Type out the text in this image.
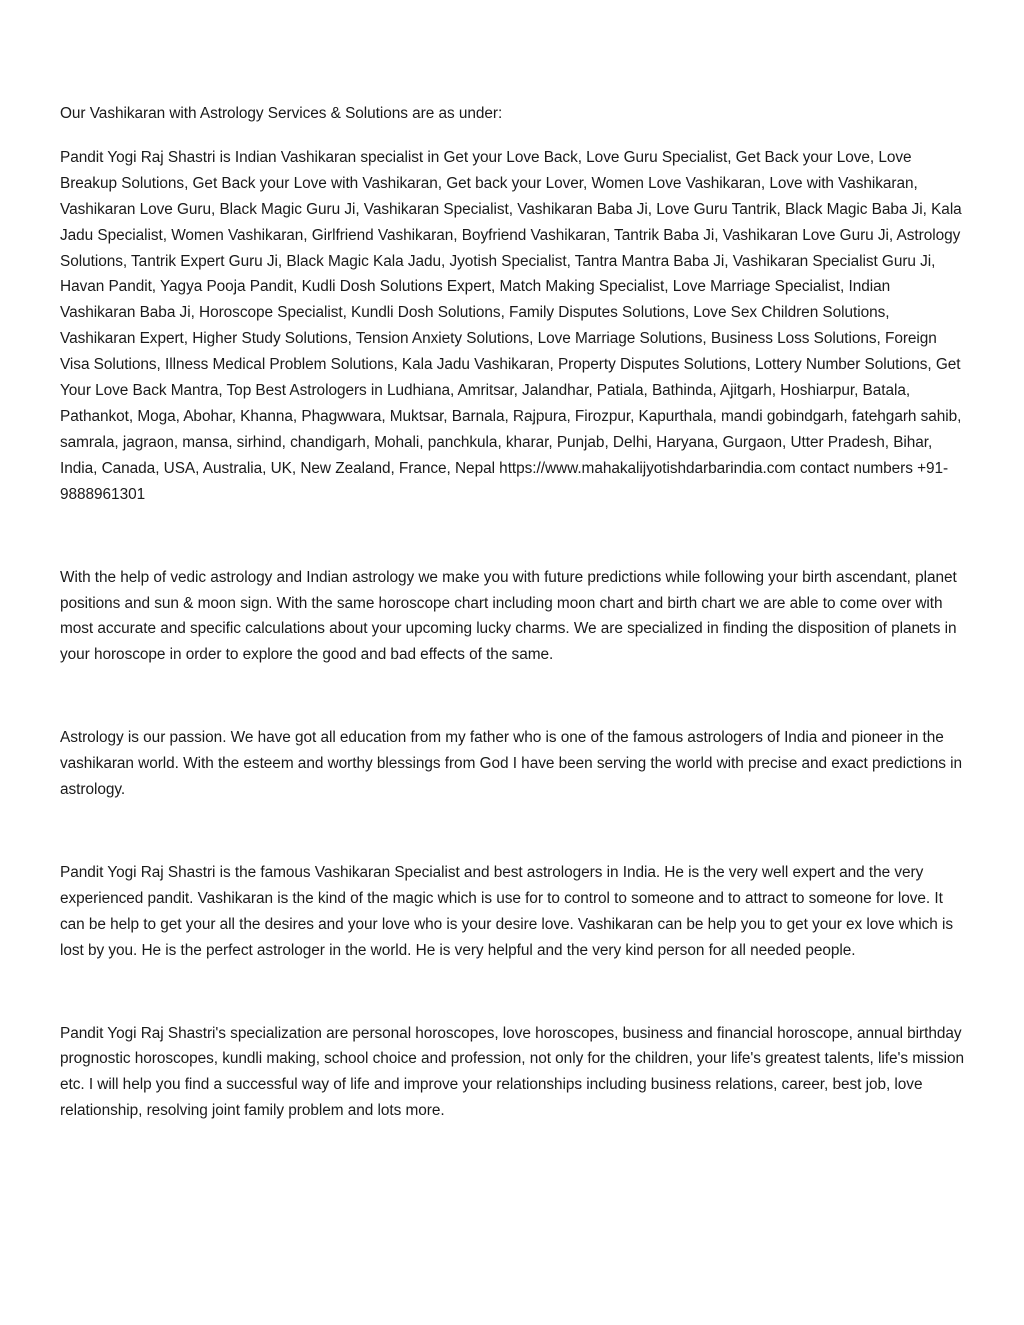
Our Vashikaran with Astrology Services & Solutions are as under:

Pandit Yogi Raj Shastri is Indian Vashikaran specialist in Get your Love Back, Love Guru Specialist, Get Back your Love, Love Breakup Solutions, Get Back your Love with Vashikaran, Get back your Lover, Women Love Vashikaran, Love with Vashikaran, Vashikaran Love Guru, Black Magic Guru Ji, Vashikaran Specialist, Vashikaran Baba Ji, Love Guru Tantrik, Black Magic Baba Ji, Kala Jadu Specialist, Women Vashikaran, Girlfriend Vashikaran, Boyfriend Vashikaran, Tantrik Baba Ji, Vashikaran Love Guru Ji, Astrology Solutions, Tantrik Expert Guru Ji, Black Magic Kala Jadu, Jyotish Specialist, Tantra Mantra Baba Ji, Vashikaran Specialist Guru Ji, Havan Pandit, Yagya Pooja Pandit, Kudli Dosh Solutions Expert, Match Making Specialist, Love Marriage Specialist, Indian Vashikaran Baba Ji, Horoscope Specialist, Kundli Dosh Solutions, Family Disputes Solutions, Love Sex Children Solutions, Vashikaran Expert, Higher Study Solutions, Tension Anxiety Solutions, Love Marriage Solutions, Business Loss Solutions, Foreign Visa Solutions, Illness Medical Problem Solutions, Kala Jadu Vashikaran, Property Disputes Solutions, Lottery Number Solutions, Get Your Love Back Mantra, Top Best Astrologers in Ludhiana, Amritsar, Jalandhar, Patiala, Bathinda, Ajitgarh, Hoshiarpur, Batala, Pathankot, Moga, Abohar, Khanna, Phagwwara, Muktsar, Barnala, Rajpura, Firozpur, Kapurthala, mandi gobindgarh, fatehgarh sahib, samrala, jagraon, mansa, sirhind, chandigarh, Mohali, panchkula, kharar, Punjab, Delhi, Haryana, Gurgaon, Utter Pradesh, Bihar, India, Canada, USA, Australia, UK, New Zealand, France, Nepal https://www.mahakalijyotishdarbarindia.com contact numbers +91-9888961301

With the help of vedic astrology and Indian astrology we make you with future predictions while following your birth ascendant, planet positions and sun & moon sign. With the same horoscope chart including moon chart and birth chart we are able to come over with most accurate and specific calculations about your upcoming lucky charms. We are specialized in finding the disposition of planets in your horoscope in order to explore the good and bad effects of the same.

Astrology is our passion. We have got all education from my father who is one of the famous astrologers of India and pioneer in the vashikaran world. With the esteem and worthy blessings from God I have been serving the world with precise and exact predictions in astrology.

Pandit Yogi Raj Shastri is the famous Vashikaran Specialist and best astrologers in India. He is the very well expert and the very experienced pandit. Vashikaran is the kind of the magic which is use for to control to someone and to attract to someone for love. It can be help to get your all the desires and your love who is your desire love. Vashikaran can be help you to get your ex love which is lost by you. He is the perfect astrologer in the world. He is very helpful and the very kind person for all needed people.

Pandit Yogi Raj Shastri's specialization are personal horoscopes, love horoscopes, business and financial horoscope, annual birthday prognostic horoscopes, kundli making, school choice and profession, not only for the children, your life's greatest talents, life's mission etc. I will help you find a successful way of life and improve your relationships including business relations, career, best job, love relationship, resolving joint family problem and lots more.
